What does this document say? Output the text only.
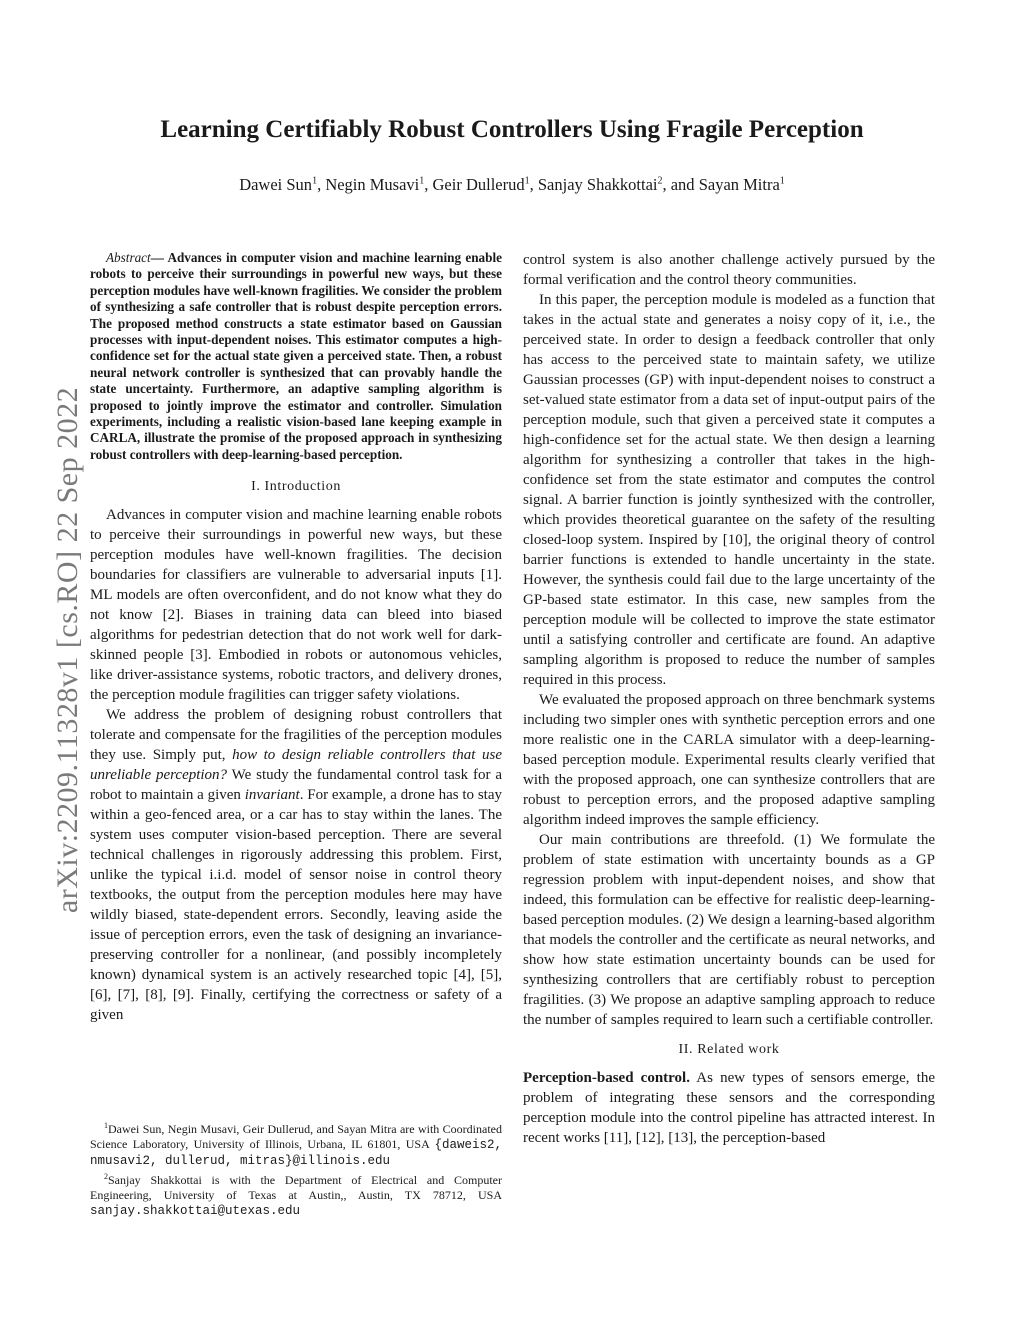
Learning Certifiably Robust Controllers Using Fragile Perception
Dawei Sun$^1$, Negin Musavi$^1$, Geir Dullerud$^1$, Sanjay Shakkottai$^2$, and Sayan Mitra$^1$
arXiv:2209.11328v1 [cs.RO] 22 Sep 2022

Abstract— Advances in computer vision and machine learning enable robots to perceive their surroundings in powerful new ways, but these perception modules have well-known fragilities. We consider the problem of synthesizing a safe controller that is robust despite perception errors. The proposed method constructs a state estimator based on Gaussian processes with input-dependent noises. This estimator computes a high-confidence set for the actual state given a perceived state. Then, a robust neural network controller is synthesized that can provably handle the state uncertainty. Furthermore, an adaptive sampling algorithm is proposed to jointly improve the estimator and controller. Simulation experiments, including a realistic vision-based lane keeping example in CARLA, illustrate the promise of the proposed approach in synthesizing robust controllers with deep-learning-based perception.

I. Introduction

Advances in computer vision and machine learning enable robots to perceive their surroundings in powerful new ways, but these perception modules have well-known fragilities. The decision boundaries for classifiers are vulnerable to adversarial inputs [1]. ML models are often overconfident, and do not know what they do not know [2]. Biases in training data can bleed into biased algorithms for pedestrian detection that do not work well for dark-skinned people [3]. Embodied in robots or autonomous vehicles, like driver-assistance systems, robotic tractors, and delivery drones, the perception module fragilities can trigger safety violations.

We address the problem of designing robust controllers that tolerate and compensate for the fragilities of the perception modules they use. Simply put, how to design reliable controllers that use unreliable perception? We study the fundamental control task for a robot to maintain a given invariant. For example, a drone has to stay within a geo-fenced area, or a car has to stay within the lanes. The system uses computer vision-based perception. There are several technical challenges in rigorously addressing this problem. First, unlike the typical i.i.d. model of sensor noise in control theory textbooks, the output from the perception modules here may have wildly biased, state-dependent errors. Secondly, leaving aside the issue of perception errors, even the task of designing an invariance-preserving controller for a nonlinear, (and possibly incompletely known) dynamical system is an actively researched topic [4], [5], [6], [7], [8], [9]. Finally, certifying the correctness or safety of a given

$^1$Dawei Sun, Negin Musavi, Geir Dullerud, and Sayan Mitra are with Coordinated Science Laboratory, University of Illinois, Urbana, IL 61801, USA {daweis2, nmusavi2, dullerud, mitras}@illinois.edu

$^2$Sanjay Shakkottai is with the Department of Electrical and Computer Engineering, University of Texas at Austin,, Austin, TX 78712, USA sanjay.shakkottai@utexas.edu

control system is also another challenge actively pursued by the formal verification and the control theory communities.

In this paper, the perception module is modeled as a function that takes in the actual state and generates a noisy copy of it, i.e., the perceived state. In order to design a feedback controller that only has access to the perceived state to maintain safety, we utilize Gaussian processes (GP) with input-dependent noises to construct a set-valued state estimator from a data set of input-output pairs of the perception module, such that given a perceived state it computes a high-confidence set for the actual state. We then design a learning algorithm for synthesizing a controller that takes in the high-confidence set from the state estimator and computes the control signal. A barrier function is jointly synthesized with the controller, which provides theoretical guarantee on the safety of the resulting closed-loop system. Inspired by [10], the original theory of control barrier functions is extended to handle uncertainty in the state. However, the synthesis could fail due to the large uncertainty of the GP-based state estimator. In this case, new samples from the perception module will be collected to improve the state estimator until a satisfying controller and certificate are found. An adaptive sampling algorithm is proposed to reduce the number of samples required in this process.

We evaluated the proposed approach on three benchmark systems including two simpler ones with synthetic perception errors and one more realistic one in the CARLA simulator with a deep-learning-based perception module. Experimental results clearly verified that with the proposed approach, one can synthesize controllers that are robust to perception errors, and the proposed adaptive sampling algorithm indeed improves the sample efficiency.

Our main contributions are threefold. (1) We formulate the problem of state estimation with uncertainty bounds as a GP regression problem with input-dependent noises, and show that indeed, this formulation can be effective for realistic deep-learning-based perception modules. (2) We design a learning-based algorithm that models the controller and the certificate as neural networks, and show how state estimation uncertainty bounds can be used for synthesizing controllers that are certifiably robust to perception fragilities. (3) We propose an adaptive sampling approach to reduce the number of samples required to learn such a certifiable controller.

II. Related work

Perception-based control. As new types of sensors emerge, the problem of integrating these sensors and the corresponding perception module into the control pipeline has attracted interest. In recent works [11], [12], [13], the perception-based
